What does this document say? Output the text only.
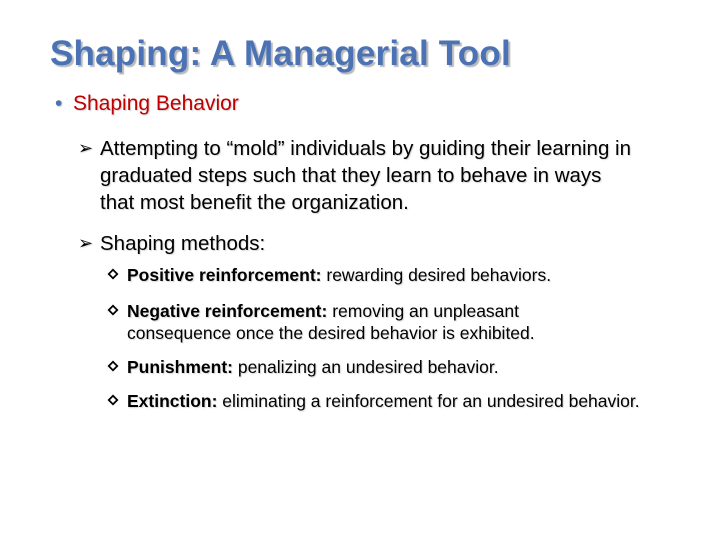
Shaping: A Managerial Tool
• Shaping Behavior
➢ Attempting to “mold” individuals by guiding their learning in graduated steps such that they learn to behave in ways that most benefit the organization.
➢ Shaping methods:
Positive reinforcement: rewarding desired behaviors.
Negative reinforcement: removing an unpleasant consequence once the desired behavior is exhibited.
Punishment: penalizing an undesired behavior.
Extinction: eliminating a reinforcement for an undesired behavior.
